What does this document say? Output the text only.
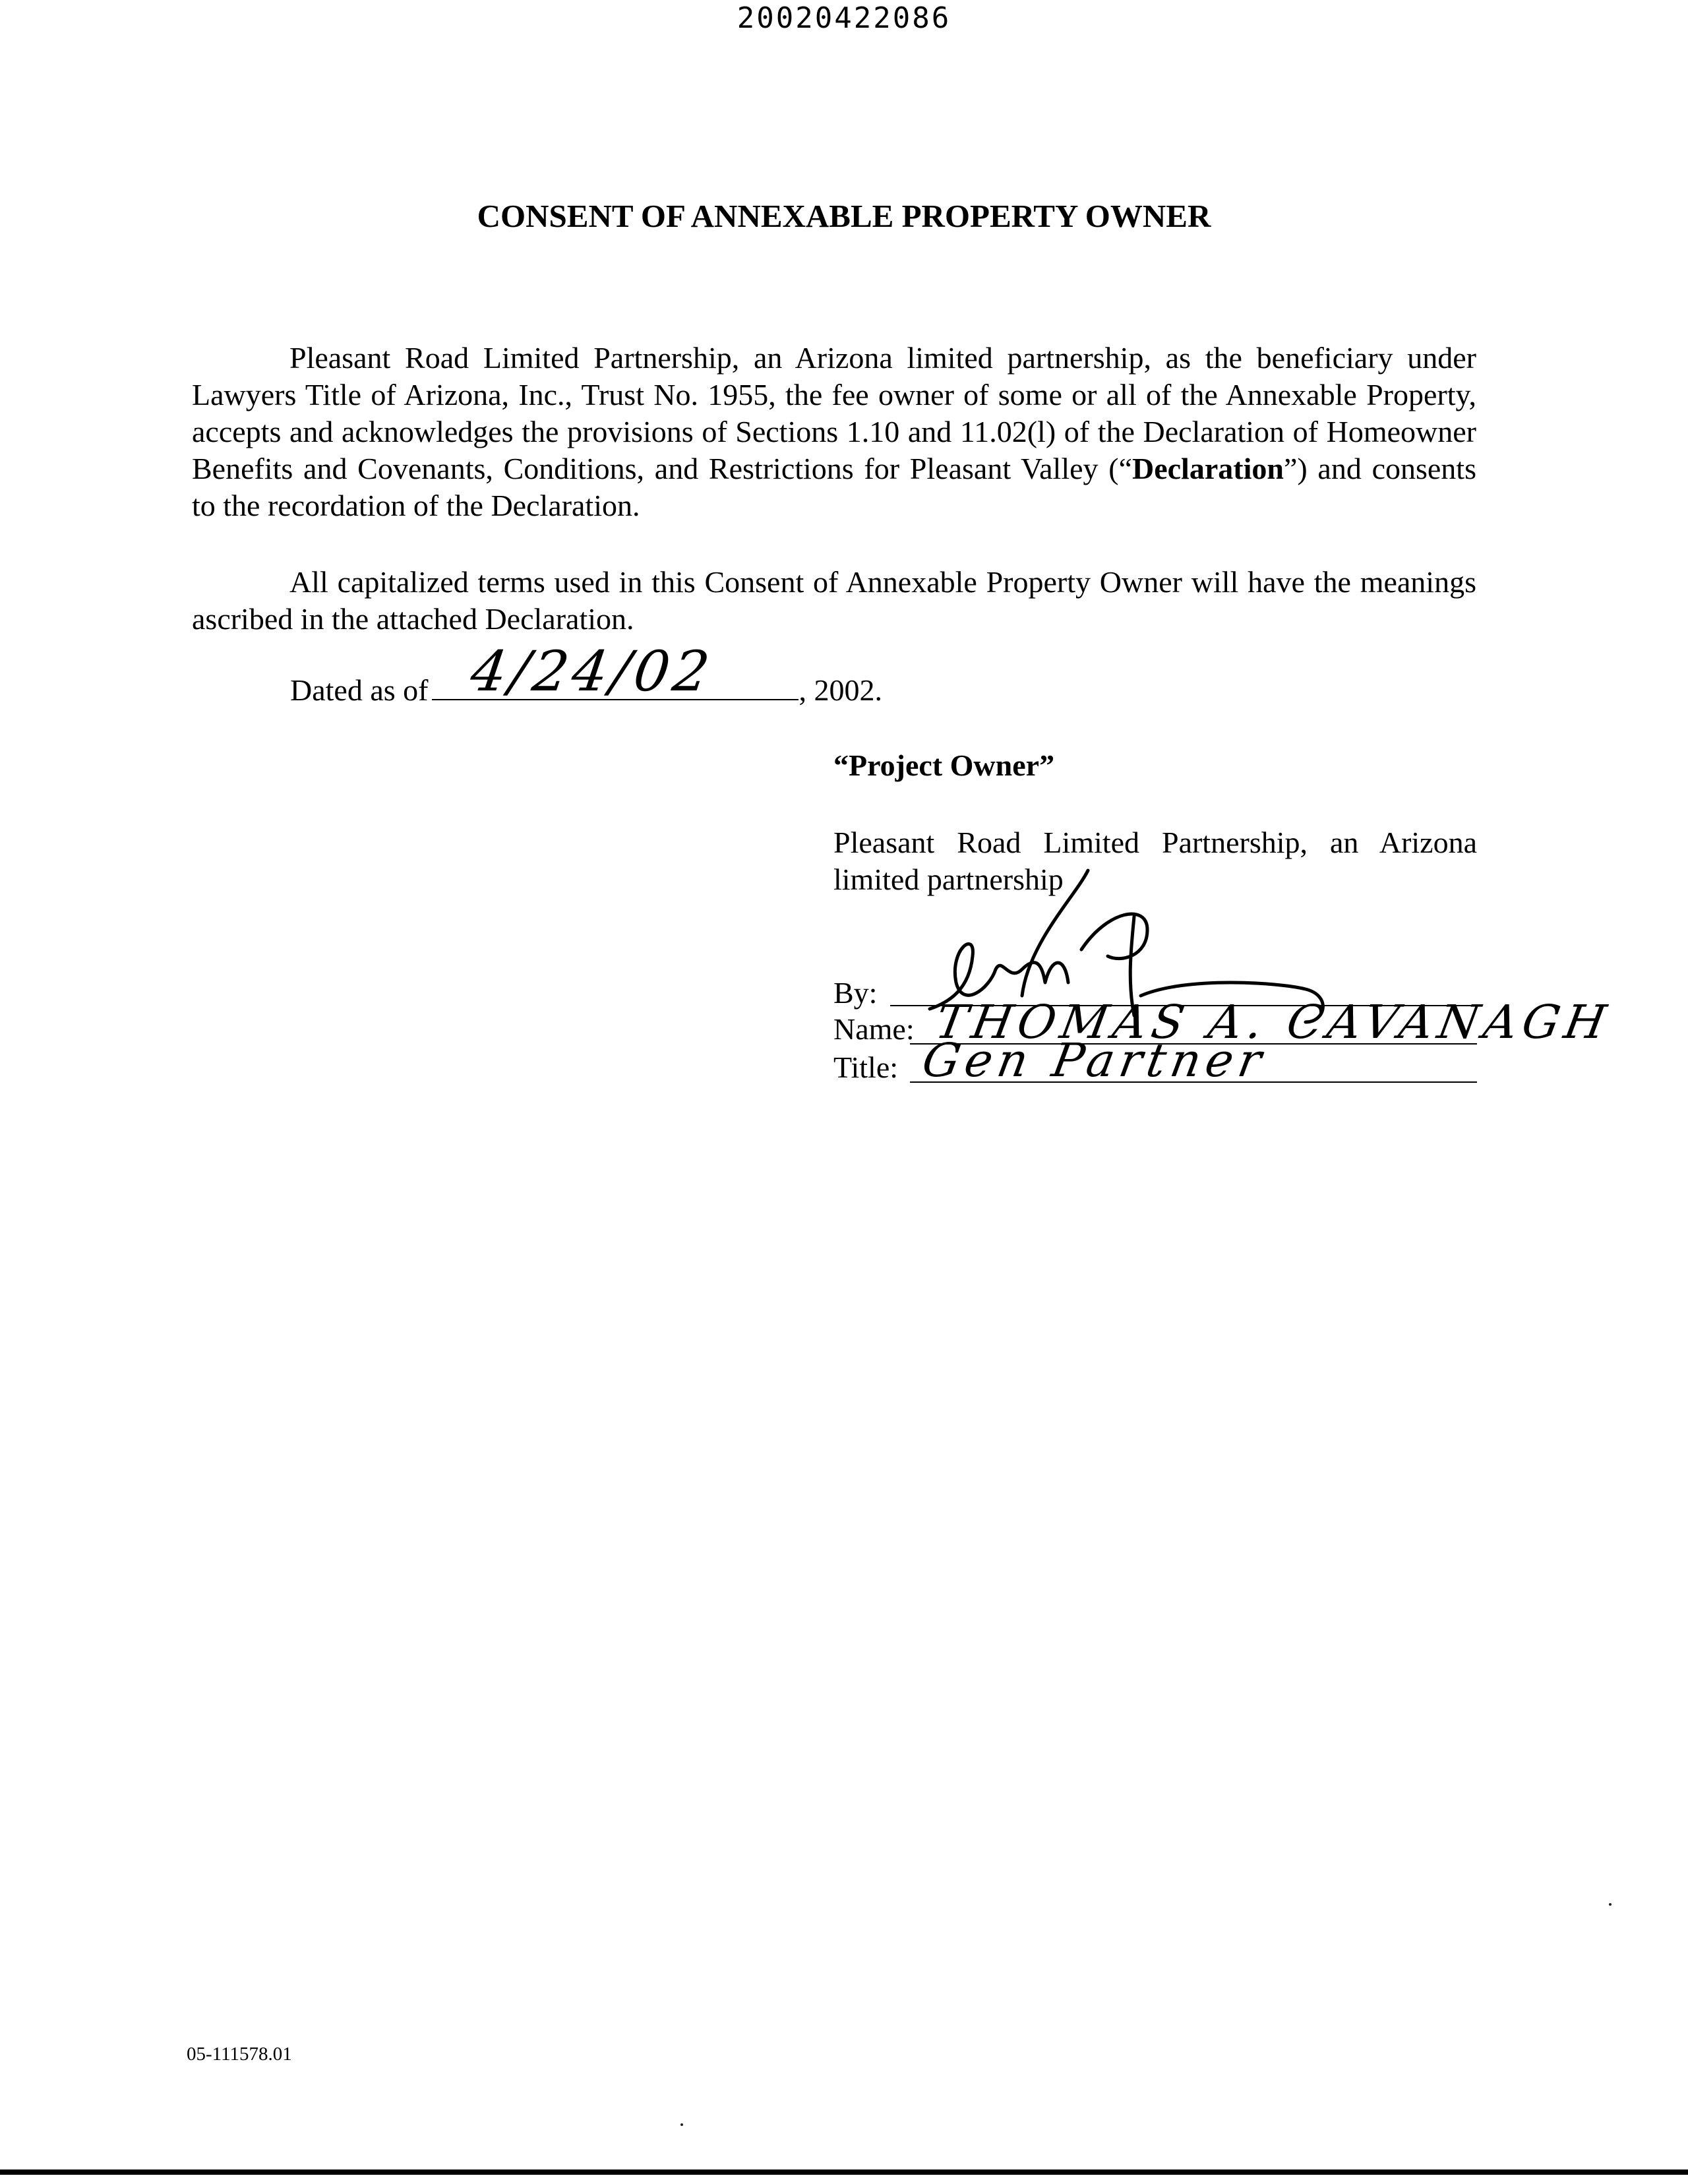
20020422086
CONSENT OF ANNEXABLE PROPERTY OWNER
Pleasant Road Limited Partnership, an Arizona limited partnership, as the beneficiary under Lawyers Title of Arizona, Inc., Trust No. 1955, the fee owner of some or all of the Annexable Property, accepts and acknowledges the provisions of Sections 1.10 and 11.02(l) of the Declaration of Homeowner Benefits and Covenants, Conditions, and Restrictions for Pleasant Valley (“Declaration”) and consents to the recordation of the Declaration.
All capitalized terms used in this Consent of Annexable Property Owner will have the meanings ascribed in the attached Declaration.
Dated as of 4/24/02	, 2002.
“Project Owner”
Pleasant Road Limited Partnership, an Arizona limited partnership
By:
Name: THOMAS A. CAVANAGH
Title: Gen Partner
05-111578.01
